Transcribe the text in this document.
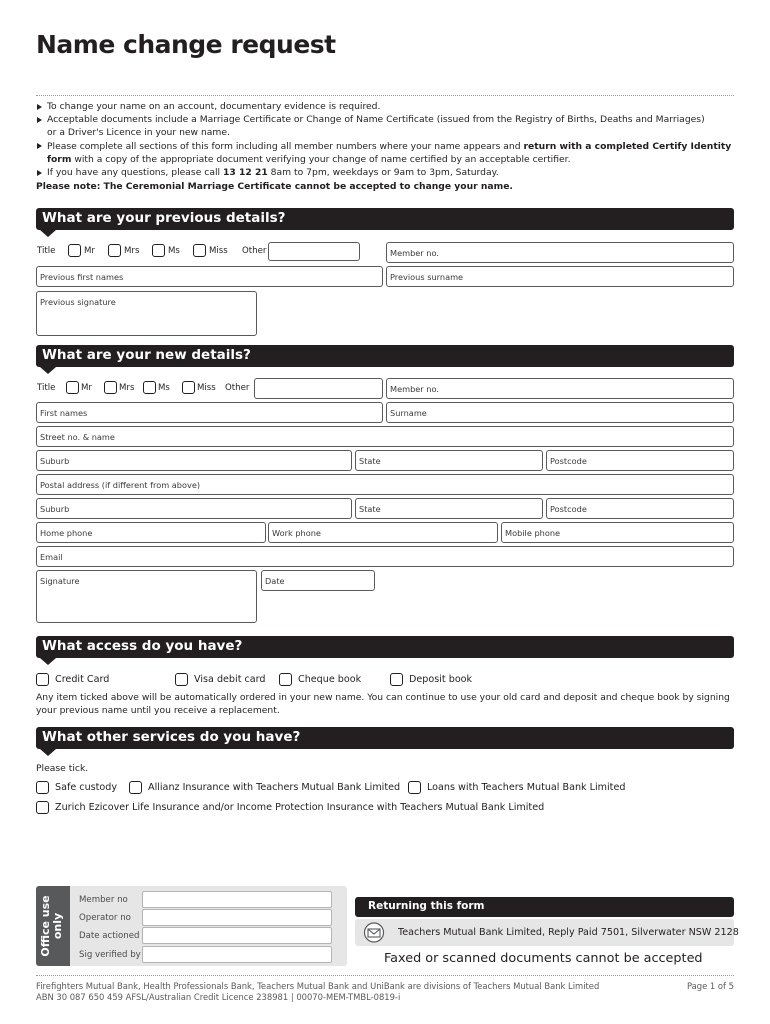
Name change request
To change your name on an account, documentary evidence is required.
Acceptable documents include a Marriage Certificate or Change of Name Certificate (issued from the Registry of Births, Deaths and Marriages)
or a Driver's Licence in your new name.
Please complete all sections of this form including all member numbers where your name appears and return with a completed Certify Identity
form with a copy of the appropriate document verifying your change of name certified by an acceptable certifier.
If you have any questions, please call 13 12 21 8am to 7pm, weekdays or 9am to 3pm, Saturday.
Please note: The Ceremonial Marriage Certificate cannot be accepted to change your name.
What are your previous details?
Title	Mr	Mrs	Ms	Miss Other	Member no.
Previous first names	Previous surname
Previous signature
What are your new details?
Title	Mr	Mrs	Ms	Miss Other	Member no.
First names	Surname
Street no. & name
Suburb	State	Postcode
Postal address (if different from above)
Suburb	State	Postcode
Home phone	Work phone	Mobile phone
Email
Signature	Date
What access do you have?
Credit Card	Visa debit card	Cheque book	Deposit book
Any item ticked above will be automatically ordered in your new name. You can continue to use your old card and deposit and cheque book by signing
your previous name until you receive a replacement.
What other services do you have?
Please tick.
Safe custody	Allianz Insurance with Teachers Mutual Bank Limited	Loans with Teachers Mutual Bank Limited
Zurich Ezicover Life Insurance and/or Income Protection Insurance with Teachers Mutual Bank Limited
Office use only
Member no
Operator no
Date actioned
Sig verified by
Returning this form
Teachers Mutual Bank Limited, Reply Paid 7501, Silverwater NSW 2128
Faxed or scanned documents cannot be accepted
Firefighters Mutual Bank, Health Professionals Bank, Teachers Mutual Bank and UniBank are divisions of Teachers Mutual Bank Limited
ABN 30 087 650 459 AFSL/Australian Credit Licence 238981 | 00070-MEM-TMBL-0819-i
Page 1 of 5
